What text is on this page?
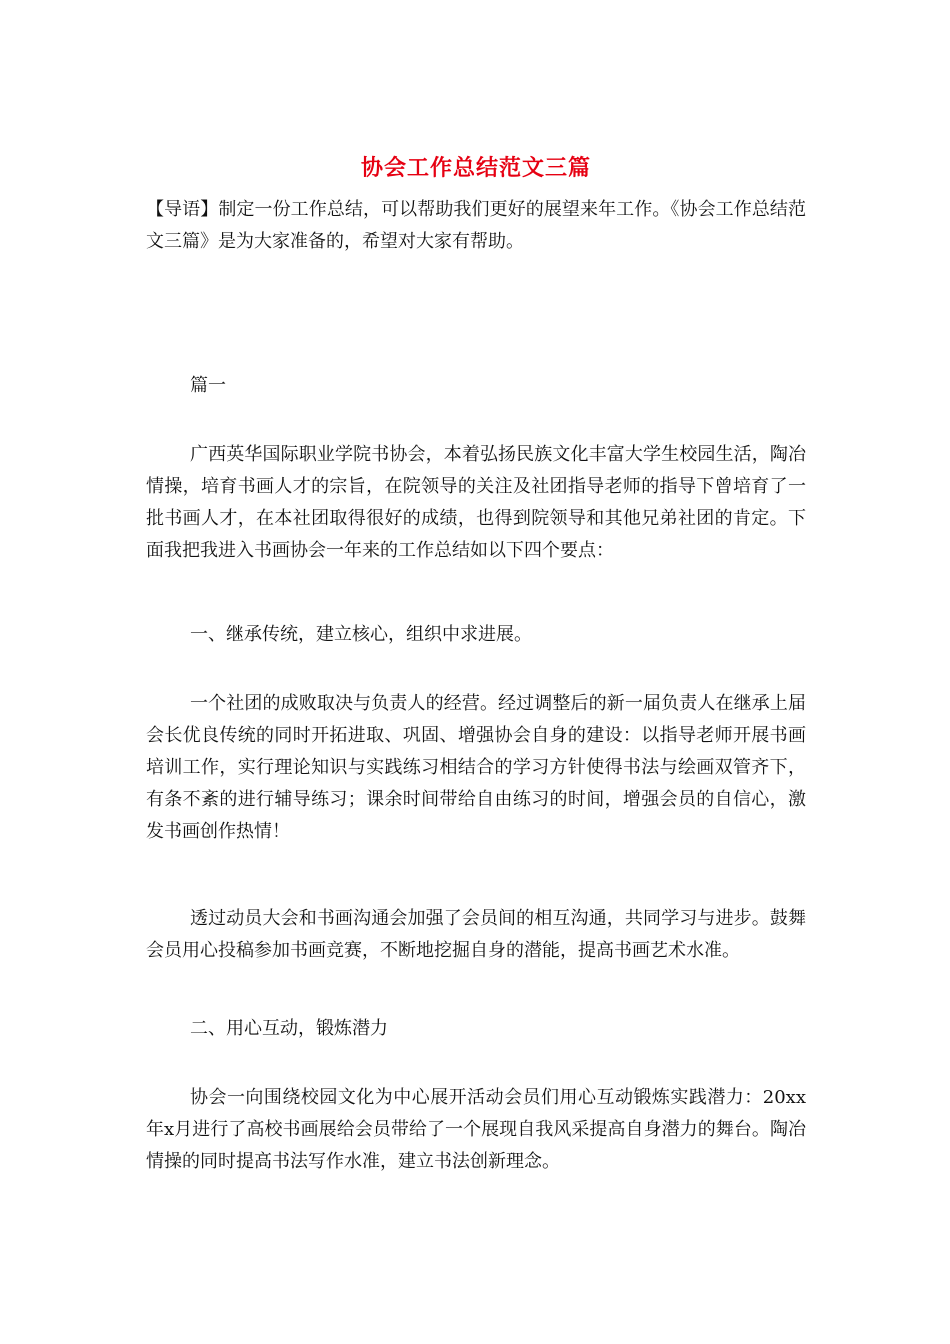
协会工作总结范文三篇

【导语】制定一份工作总结，可以帮助我们更好的展望来年工作。《协会工作总结范文三篇》是为大家准备的，希望对大家有帮助。

篇一

广西英华国际职业学院书协会，本着弘扬民族文化丰富大学生校园生活，陶冶情操，培育书画人才的宗旨，在院领导的关注及社团指导老师的指导下曾培育了一批书画人才，在本社团取得很好的成绩，也得到院领导和其他兄弟社团的肯定。下面我把我进入书画协会一年来的工作总结如以下四个要点：

一、继承传统，建立核心，组织中求进展。

一个社团的成败取决与负责人的经营。经过调整后的新一届负责人在继承上届会长优良传统的同时开拓进取、巩固、增强协会自身的建设：以指导老师开展书画培训工作，实行理论知识与实践练习相结合的学习方针使得书法与绘画双管齐下，有条不紊的进行辅导练习；课余时间带给自由练习的时间，增强会员的自信心，激发书画创作热情！

透过动员大会和书画沟通会加强了会员间的相互沟通，共同学习与进步。鼓舞会员用心投稿参加书画竞赛，不断地挖掘自身的潜能，提高书画艺术水准。

二、用心互动，锻炼潜力

协会一向围绕校园文化为中心展开活动会员们用心互动锻炼实践潜力：20xx年x月进行了高校书画展给会员带给了一个展现自我风采提高自身潜力的舞台。陶冶情操的同时提高书法写作水准，建立书法创新理念。
